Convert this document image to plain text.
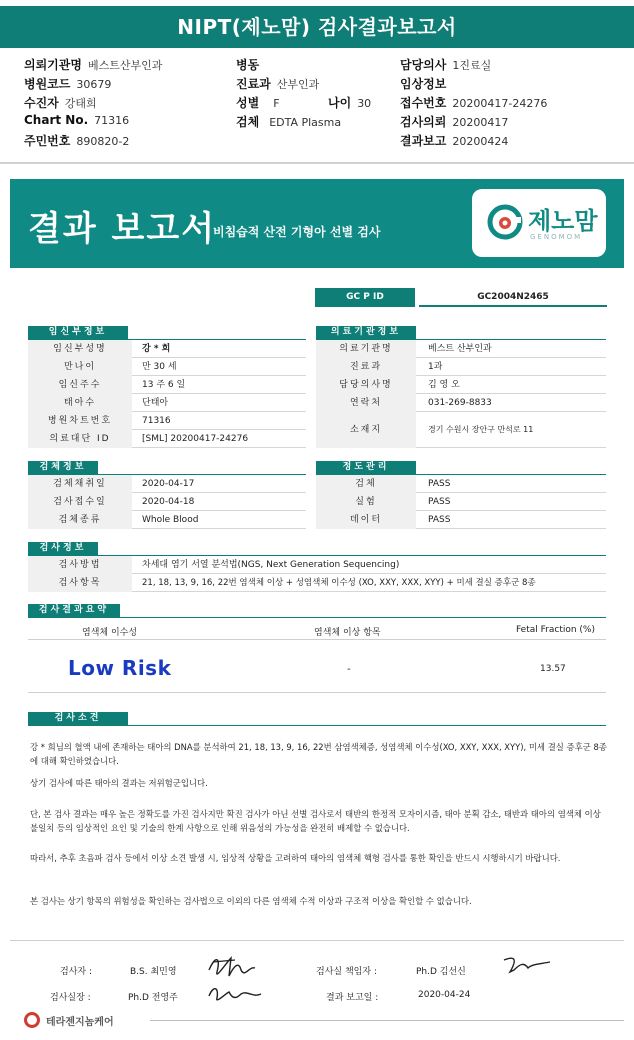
NIPT(제노맘) 검사결과보고서
의뢰기관명 베스트산부인과	병동	담당의사 1진료실
병원코드 30679	진료과 산부인과	임상정보
수진자 강태희	성별 F	나이 30 접수번호 20200417-24276
Chart No. 71316	검체 EDTA Plasma	검사의뢰 20200417
주민번호 890820-2	결과보고 20200424
결과 보고서
비침습적 산전 기형아 선별 검사	제노맘
GENOMOM
GC P ID	GC2004N2465
임신부정보	의료기관정보
임신부성명	강 * 희
만나이	만 30 세
임신주수	13 주 6 일
태아수	단태아
병원차트번호	71316
의료대단 ID	[SML] 20200417-24276
의료기관명	베스트 산부인과
진료과	1과
담당의사명	김 영 오
연락처	031-269-8833
소재지	경기 수원시 장안구 만석로 11
검체정보	정도관리
검체채취일	2020-04-17
검사접수일	2020-04-18
검체종류	Whole Blood
검체	PASS
실험	PASS
데이터	PASS
검사정보
검사방법	차세대 염기 서열 분석법(NGS, Next Generation Sequencing)
검사항목	21, 18, 13, 9, 16, 22번 염색체 이상 + 성염색체 이수성 (XO, XXY, XXX, XYY) + 미세 결실 증후군 8종
검사결과요약
염색체 이수성	염색체 이상 항목	Fetal Fraction (%)
Low Risk	-	13.57
검사소견
강 * 희님의 혈액 내에 존재하는 태아의 DNA를 분석하여 21, 18, 13, 9, 16, 22번 삼염색체증, 성염색체 이수성(XO, XXY, XXX, XYY), 미세 결실 증후군 8종에 대해 확인하였습니다.
상기 검사에 따른 태아의 결과는 저위험군입니다.
단, 본 검사 결과는 매우 높은 정확도를 가진 검사지만 확진 검사가 아닌 선별 검사로서 태반의 한정적 모자이시즘, 태아 분획 감소, 태반과 태아의 염색체 이상 불일치 등의 임상적인 요인 및 기술의 한계 사항으로 인해 위음성의 가능성을 완전히 배제할 수 없습니다.
따라서, 추후 초음파 검사 등에서 이상 소견 발생 시, 임상적 상황을 고려하여 태아의 염색체 핵형 검사를 통한 확인을 반드시 시행하시기 바랍니다.
본 검사는 상기 항목의 위험성을 확인하는 검사법으로 이외의 다른 염색체 수적 이상과 구조적 이상을 확인할 수 없습니다.
검사자 :	B.S. 최민영	검사실 책임자 :	Ph.D 김선신
검사실장 :	Ph.D 전영주	결과 보고일 :	2020-04-24
테라젠지놈케어
